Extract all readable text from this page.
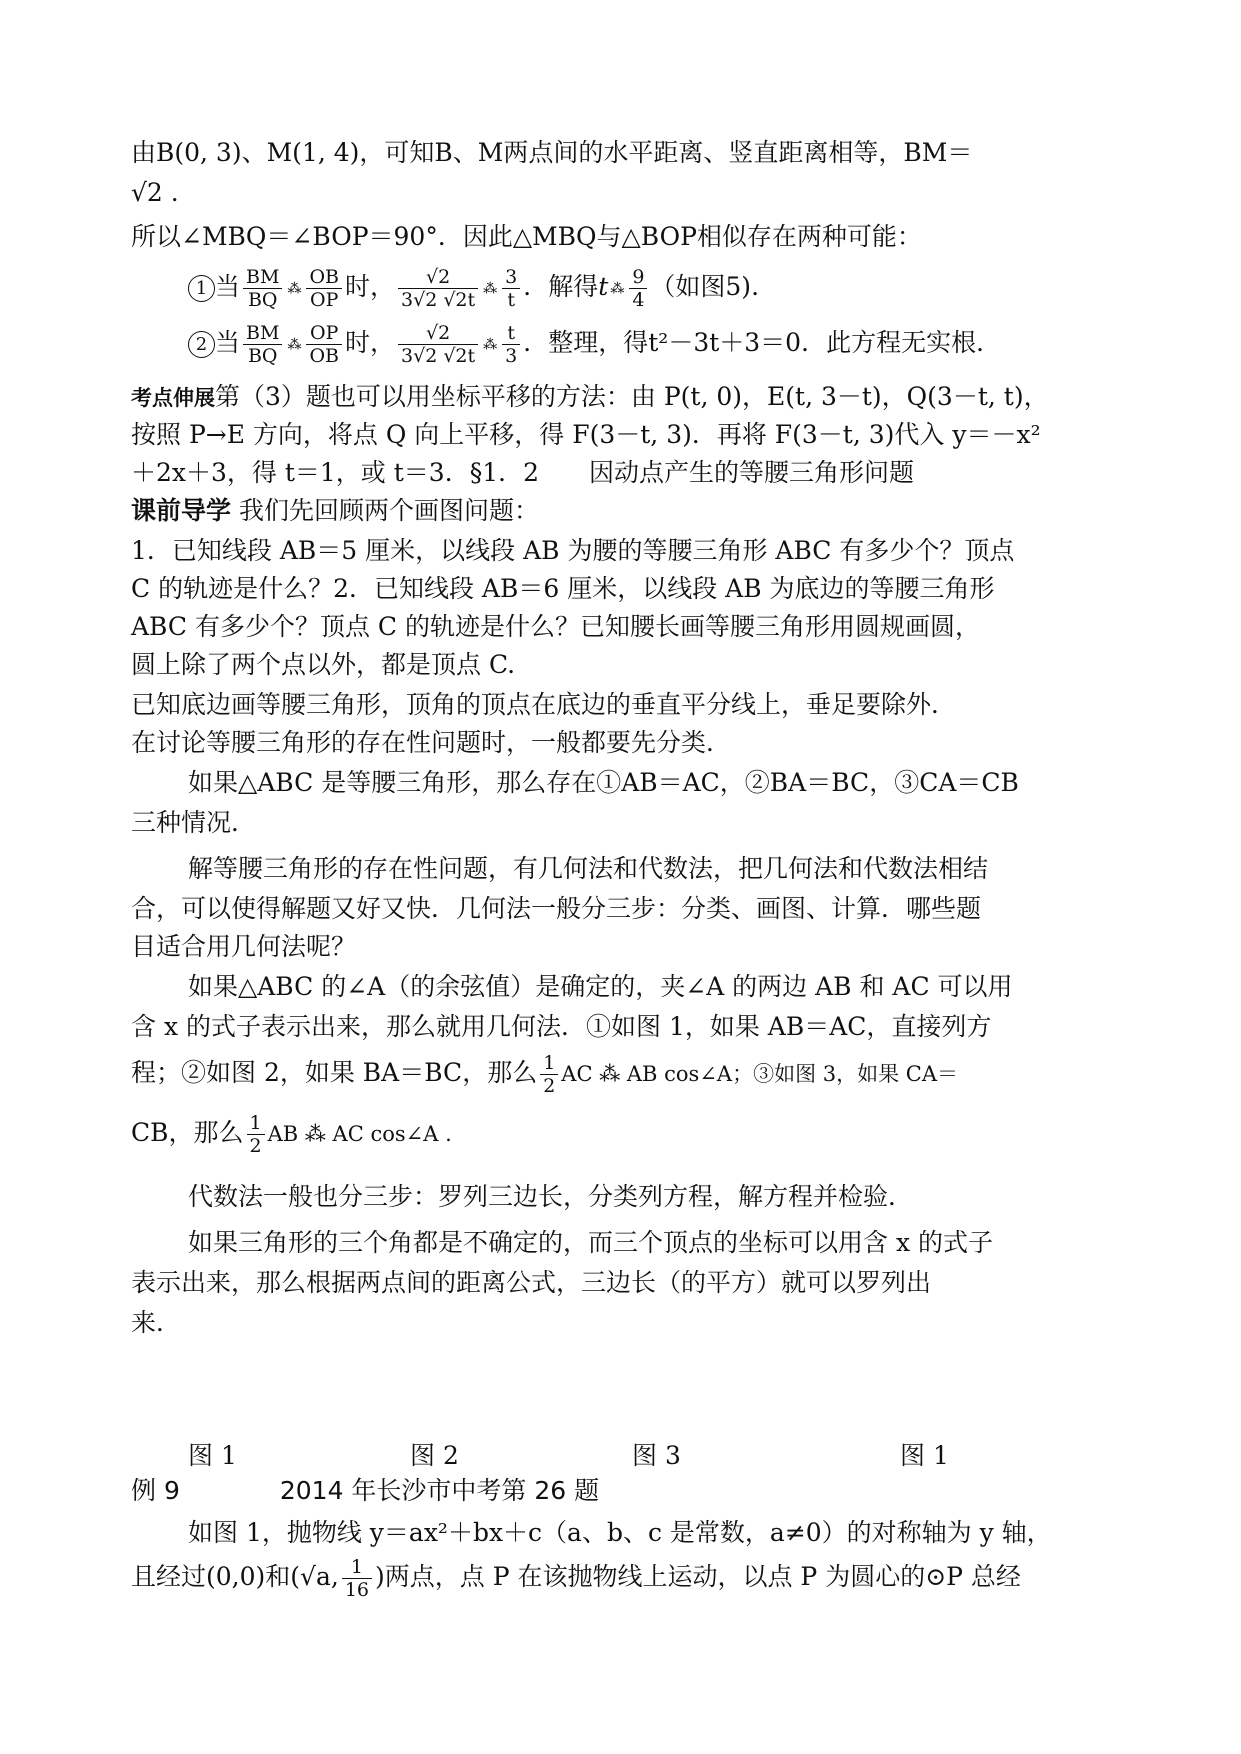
由B(0, 3)、M(1, 4)，可知B、M两点间的水平距离、竖直距离相等，BM＝
√2 .
所以∠MBQ＝∠BOP＝90°．因此△MBQ与△BOP相似存在两种可能：
1 当 $\frac{BM}{BQ}$ ⁂ $\frac{OB}{OP}$ 时， $\frac{√2}{3√2 √2t}$ ⁂ $\frac{3}{t}$ ．解得t ⁂ $\frac{9}{4}$ （如图5).
2 当 $\frac{BM}{BQ}$ ⁂ $\frac{OP}{OB}$ 时， $\frac{√2}{3√2 √2t}$ ⁂ $\frac{t}{3}$ ．整理，得t²－3t＋3＝0．此方程无实根．
考点伸展第（3）题也可以用坐标平移的方法：由 P(t, 0)，E(t, 3－t)，Q(3－t, t)，
按照 P→E 方向，将点 Q 向上平移，得 F(3－t, 3)．再将 F(3－t, 3)代入 y＝－x²
＋2x＋3，得 t＝1，或 t＝3．§1．2　　因动点产生的等腰三角形问题
课前导学 我们先回顾两个画图问题：
1．已知线段 AB＝5 厘米，以线段 AB 为腰的等腰三角形 ABC 有多少个？顶点
C 的轨迹是什么？2．已知线段 AB＝6 厘米，以线段 AB 为底边的等腰三角形
ABC 有多少个？顶点 C 的轨迹是什么？已知腰长画等腰三角形用圆规画圆，
圆上除了两个点以外，都是顶点 C.
已知底边画等腰三角形，顶角的顶点在底边的垂直平分线上，垂足要除外．
在讨论等腰三角形的存在性问题时，一般都要先分类．
如果△ABC 是等腰三角形，那么存在①AB＝AC，②BA＝BC，③CA＝CB
三种情况．
解等腰三角形的存在性问题，有几何法和代数法，把几何法和代数法相结
合，可以使得解题又好又快．几何法一般分三步：分类、画图、计算．哪些题
目适合用几何法呢？
如果△ABC 的∠A（的余弦值）是确定的，夹∠A 的两边 AB 和 AC 可以用
含 x 的式子表示出来，那么就用几何法．①如图 1，如果 AB＝AC，直接列方
程；②如图 2，如果 BA＝BC，那么 $\frac{1}{2}$ AC ⁂ AB cos∠A；③如图 3，如果 CA＝
CB，那么 $\frac{1}{2}$ AB ⁂ AC cos∠A .
代数法一般也分三步：罗列三边长，分类列方程，解方程并检验．
如果三角形的三个角都是不确定的，而三个顶点的坐标可以用含 x 的式子
表示出来，那么根据两点间的距离公式，三边长（的平方）就可以罗列出
来．
图 1	图 2	图 3	图 1
例 9　　　　2014 年长沙市中考第 26 题
如图 1，抛物线 y＝ax²＋bx＋c（a、b、c 是常数，a≠0）的对称轴为 y 轴，
且经过(0,0)和(√a, $\frac{1}{16}$ )两点，点 P 在该抛物线上运动，以点 P 为圆心的⊙P 总经
